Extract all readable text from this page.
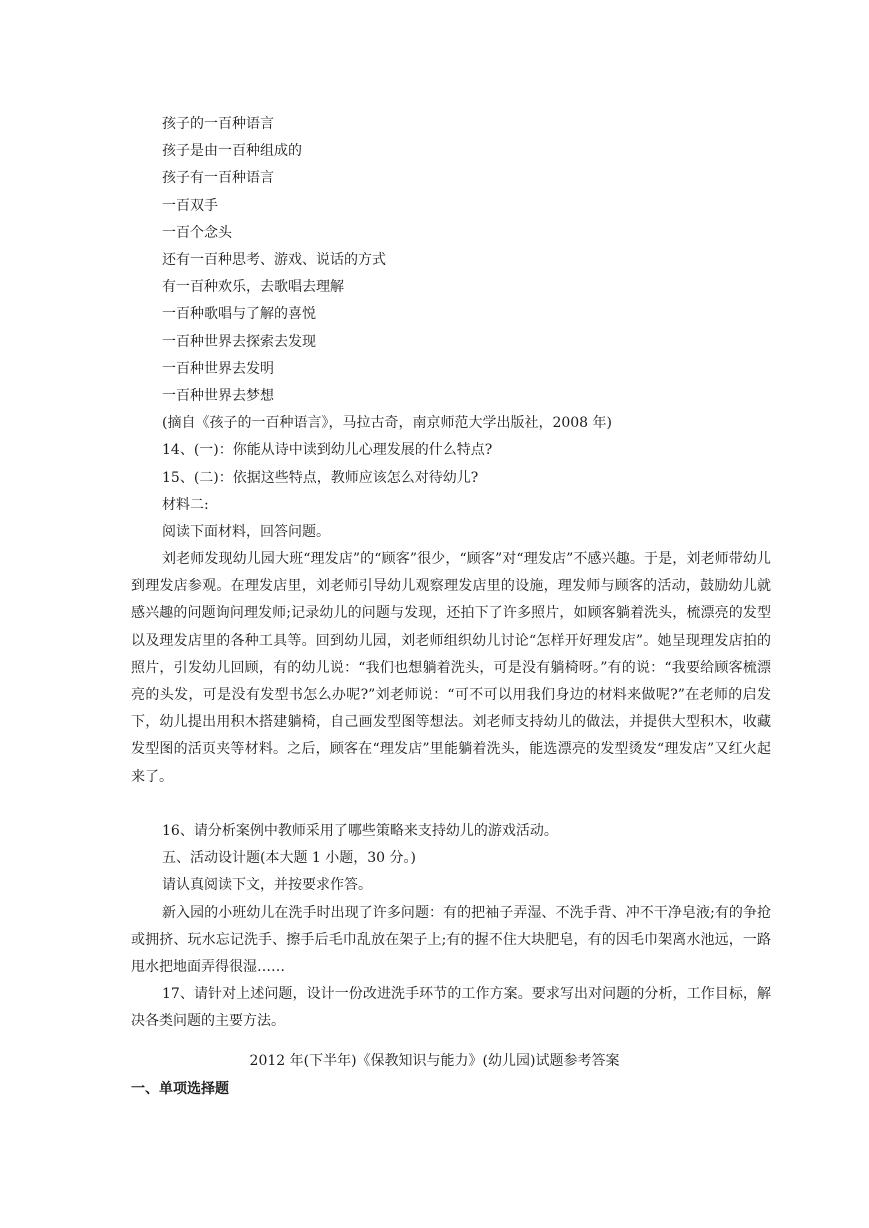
孩子的一百种语言
孩子是由一百种组成的
孩子有一百种语言
一百双手
一百个念头
还有一百种思考、游戏、说话的方式
有一百种欢乐，去歌唱去理解
一百种歌唱与了解的喜悦
一百种世界去探索去发现
一百种世界去发明
一百种世界去梦想
(摘自《孩子的一百种语言》，马拉古奇，南京师范大学出版社，2008 年)
14、(一)：你能从诗中读到幼儿心理发展的什么特点?
15、(二)：依据这些特点，教师应该怎么对待幼儿?
材料二:
阅读下面材料，回答问题。
刘老师发现幼儿园大班“理发店”的“顾客”很少，“顾客”对“理发店”不感兴趣。于是，刘老师带幼儿到理发店参观。在理发店里，刘老师引导幼儿观察理发店里的设施，理发师与顾客的活动，鼓励幼儿就感兴趣的问题询问理发师;记录幼儿的问题与发现，还拍下了许多照片，如顾客躺着洗头，梳漂亮的发型以及理发店里的各种工具等。回到幼儿园，刘老师组织幼儿讨论“怎样开好理发店”。她呈现理发店拍的照片，引发幼儿回顾，有的幼儿说：“我们也想躺着洗头，可是没有躺椅呀。”有的说：“我要给顾客梳漂亮的头发，可是没有发型书怎么办呢?”刘老师说：“可不可以用我们身边的材料来做呢?”在老师的启发下，幼儿提出用积木搭建躺椅，自己画发型图等想法。刘老师支持幼儿的做法，并提供大型积木，收藏发型图的活页夹等材料。之后，顾客在“理发店”里能躺着洗头，能选漂亮的发型烫发“理发店”又红火起来了。
16、请分析案例中教师采用了哪些策略来支持幼儿的游戏活动。
五、活动设计题(本大题 1 小题，30 分。)
请认真阅读下文，并按要求作答。
新入园的小班幼儿在洗手时出现了许多问题：有的把袖子弄湿、不洗手背、冲不干净皂液;有的争抢或拥挤、玩水忘记洗手、擦手后毛巾乱放在架子上;有的握不住大块肥皂，有的因毛巾架离水池远，一路甩水把地面弄得很湿……
17、请针对上述问题，设计一份改进洗手环节的工作方案。要求写出对问题的分析，工作目标，解决各类问题的主要方法。
2012 年(下半年)《保教知识与能力》(幼儿园)试题参考答案
一、单项选择题
